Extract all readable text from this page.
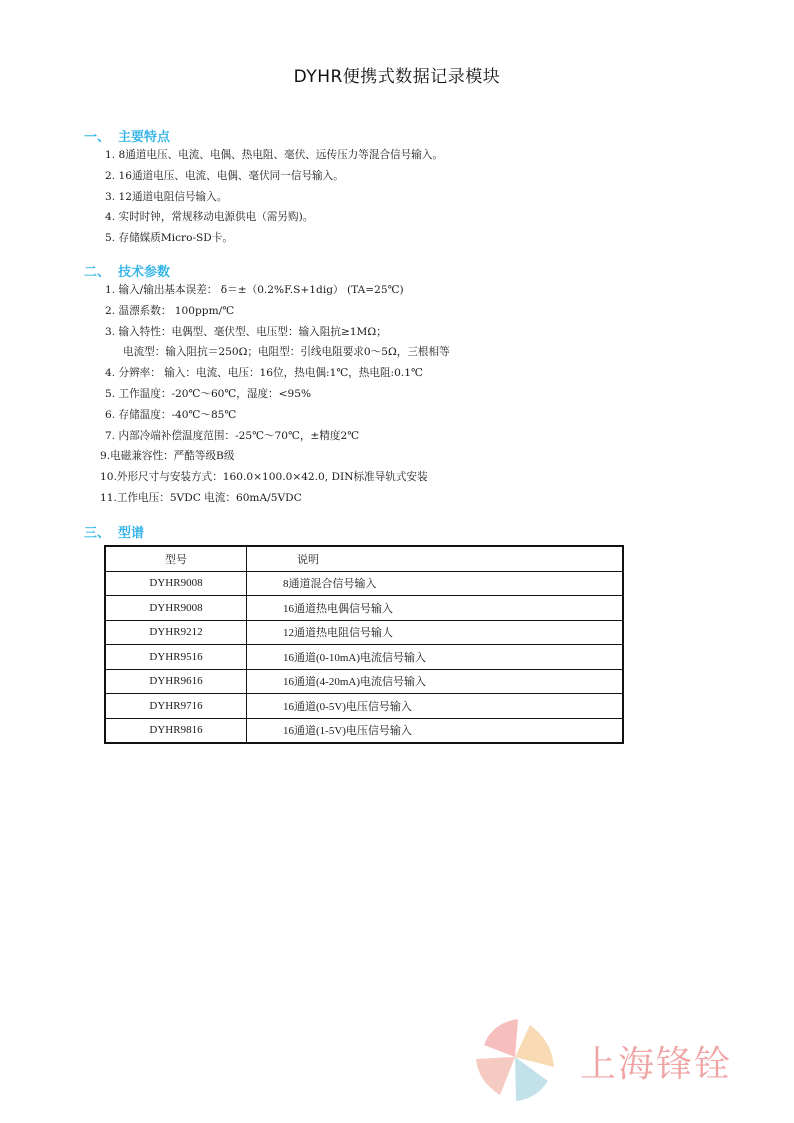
DYHR便携式数据记录模块
一、 主要特点
1. 8通道电压、电流、电偶、热电阻、毫伏、远传压力等混合信号输入。
2. 16通道电压、电流、电偶、毫伏同一信号输入。
3. 12通道电阻信号输入。
4. 实时时钟，常规移动电源供电（需另购)。
5. 存储媒质Micro-SD卡。
二、 技术参数
1. 输入/输出基本误差： δ＝±（0.2%F.S+1dig） (TA=25℃)
2. 温漂系数： 100ppm/℃
3. 输入特性：电偶型、毫伏型、电压型：输入阻抗≥1MΩ；
电流型：输入阻抗＝250Ω；电阻型：引线电阻要求0～5Ω，三根相等
4. 分辨率： 输入：电流、电压：16位，热电偶:1℃，热电阻:0.1℃
5. 工作温度：-20℃～60℃，湿度：<95%
6. 存储温度：-40℃～85℃
7. 内部冷端补偿温度范围：-25℃～70℃，±精度2℃
9.电磁兼容性：严酷等级B级
10.外形尺寸与安装方式：160.0×100.0×42.0, DIN标准导轨式安装
11.工作电压：5VDC 电流：60mA/5VDC
三、 型谱
型号	说明
DYHR9008	8通道混合信号输入
DYHR9008	16通道热电偶信号输入
DYHR9212	12通道热电阻信号输人
DYHR9516	16通道(0-10mA)电流信号输入
DYHR9616	16通道(4-20mA)电流信号输入
DYHR9716	16通道(0-5V)电压信号输入
DYHR9816	16通道(1-5V)电压信号输入
上海锋铨
